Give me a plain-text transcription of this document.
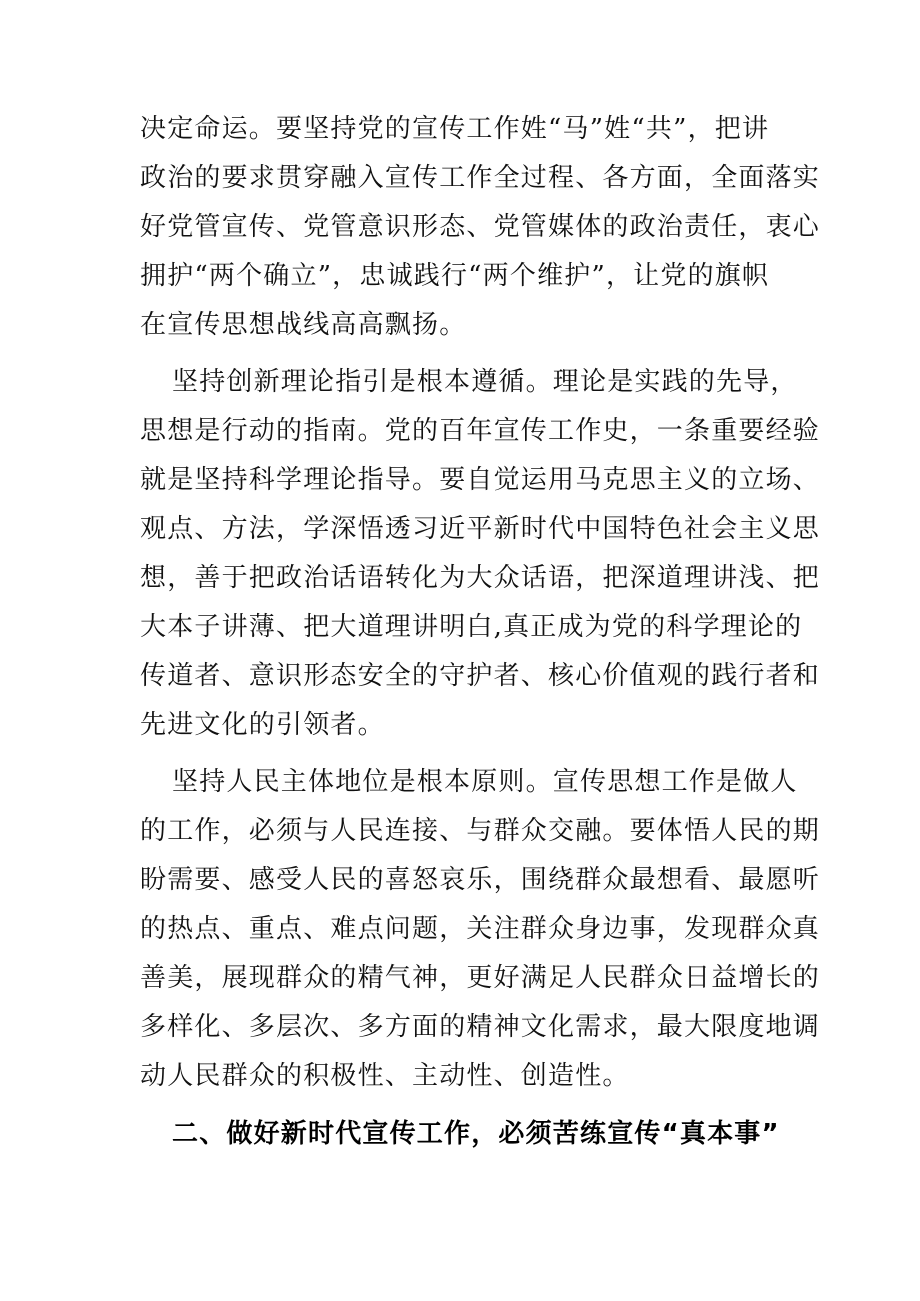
决定命运。要坚持党的宣传工作姓“马”姓“共”，把讲
政治的要求贯穿融入宣传工作全过程、各方面，全面落实
好党管宣传、党管意识形态、党管媒体的政治责任，衷心
拥护“两个确立”，忠诚践行“两个维护”，让党的旗帜
在宣传思想战线高高飘扬。
坚持创新理论指引是根本遵循。理论是实践的先导，
思想是行动的指南。党的百年宣传工作史，一条重要经验
就是坚持科学理论指导。要自觉运用马克思主义的立场、
观点、方法，学深悟透习近平新时代中国特色社会主义思
想，善于把政治话语转化为大众话语，把深道理讲浅、把
大本子讲薄、把大道理讲明白,真正成为党的科学理论的
传道者、意识形态安全的守护者、核心价值观的践行者和
先进文化的引领者。
坚持人民主体地位是根本原则。宣传思想工作是做人
的工作，必须与人民连接、与群众交融。要体悟人民的期
盼需要、感受人民的喜怒哀乐，围绕群众最想看、最愿听
的热点、重点、难点问题，关注群众身边事，发现群众真
善美，展现群众的精气神，更好满足人民群众日益增长的
多样化、多层次、多方面的精神文化需求，最大限度地调
动人民群众的积极性、主动性、创造性。
二、做好新时代宣传工作，必须苦练宣传“真本事”
